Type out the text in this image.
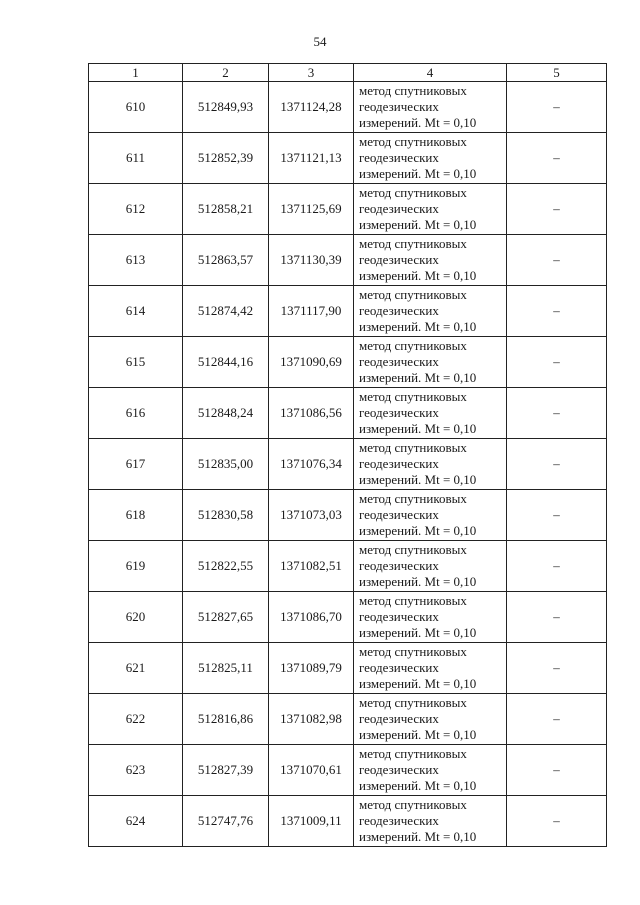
54
1	2	3	4	5
610	512849,93	1371124,28	метод спутниковых
геодезических
измерений. Mt = 0,10	–
611	512852,39	1371121,13	метод спутниковых
геодезических
измерений. Mt = 0,10	–
612	512858,21	1371125,69	метод спутниковых
геодезических
измерений. Mt = 0,10	–
613	512863,57	1371130,39	метод спутниковых
геодезических
измерений. Mt = 0,10	–
614	512874,42	1371117,90	метод спутниковых
геодезических
измерений. Mt = 0,10	–
615	512844,16	1371090,69	метод спутниковых
геодезических
измерений. Mt = 0,10	–
616	512848,24	1371086,56	метод спутниковых
геодезических
измерений. Mt = 0,10	–
617	512835,00	1371076,34	метод спутниковых
геодезических
измерений. Mt = 0,10	–
618	512830,58	1371073,03	метод спутниковых
геодезических
измерений. Mt = 0,10	–
619	512822,55	1371082,51	метод спутниковых
геодезических
измерений. Mt = 0,10	–
620	512827,65	1371086,70	метод спутниковых
геодезических
измерений. Mt = 0,10	–
621	512825,11	1371089,79	метод спутниковых
геодезических
измерений. Mt = 0,10	–
622	512816,86	1371082,98	метод спутниковых
геодезических
измерений. Mt = 0,10	–
623	512827,39	1371070,61	метод спутниковых
геодезических
измерений. Mt = 0,10	–
624	512747,76	1371009,11	метод спутниковых
геодезических
измерений. Mt = 0,10	–
